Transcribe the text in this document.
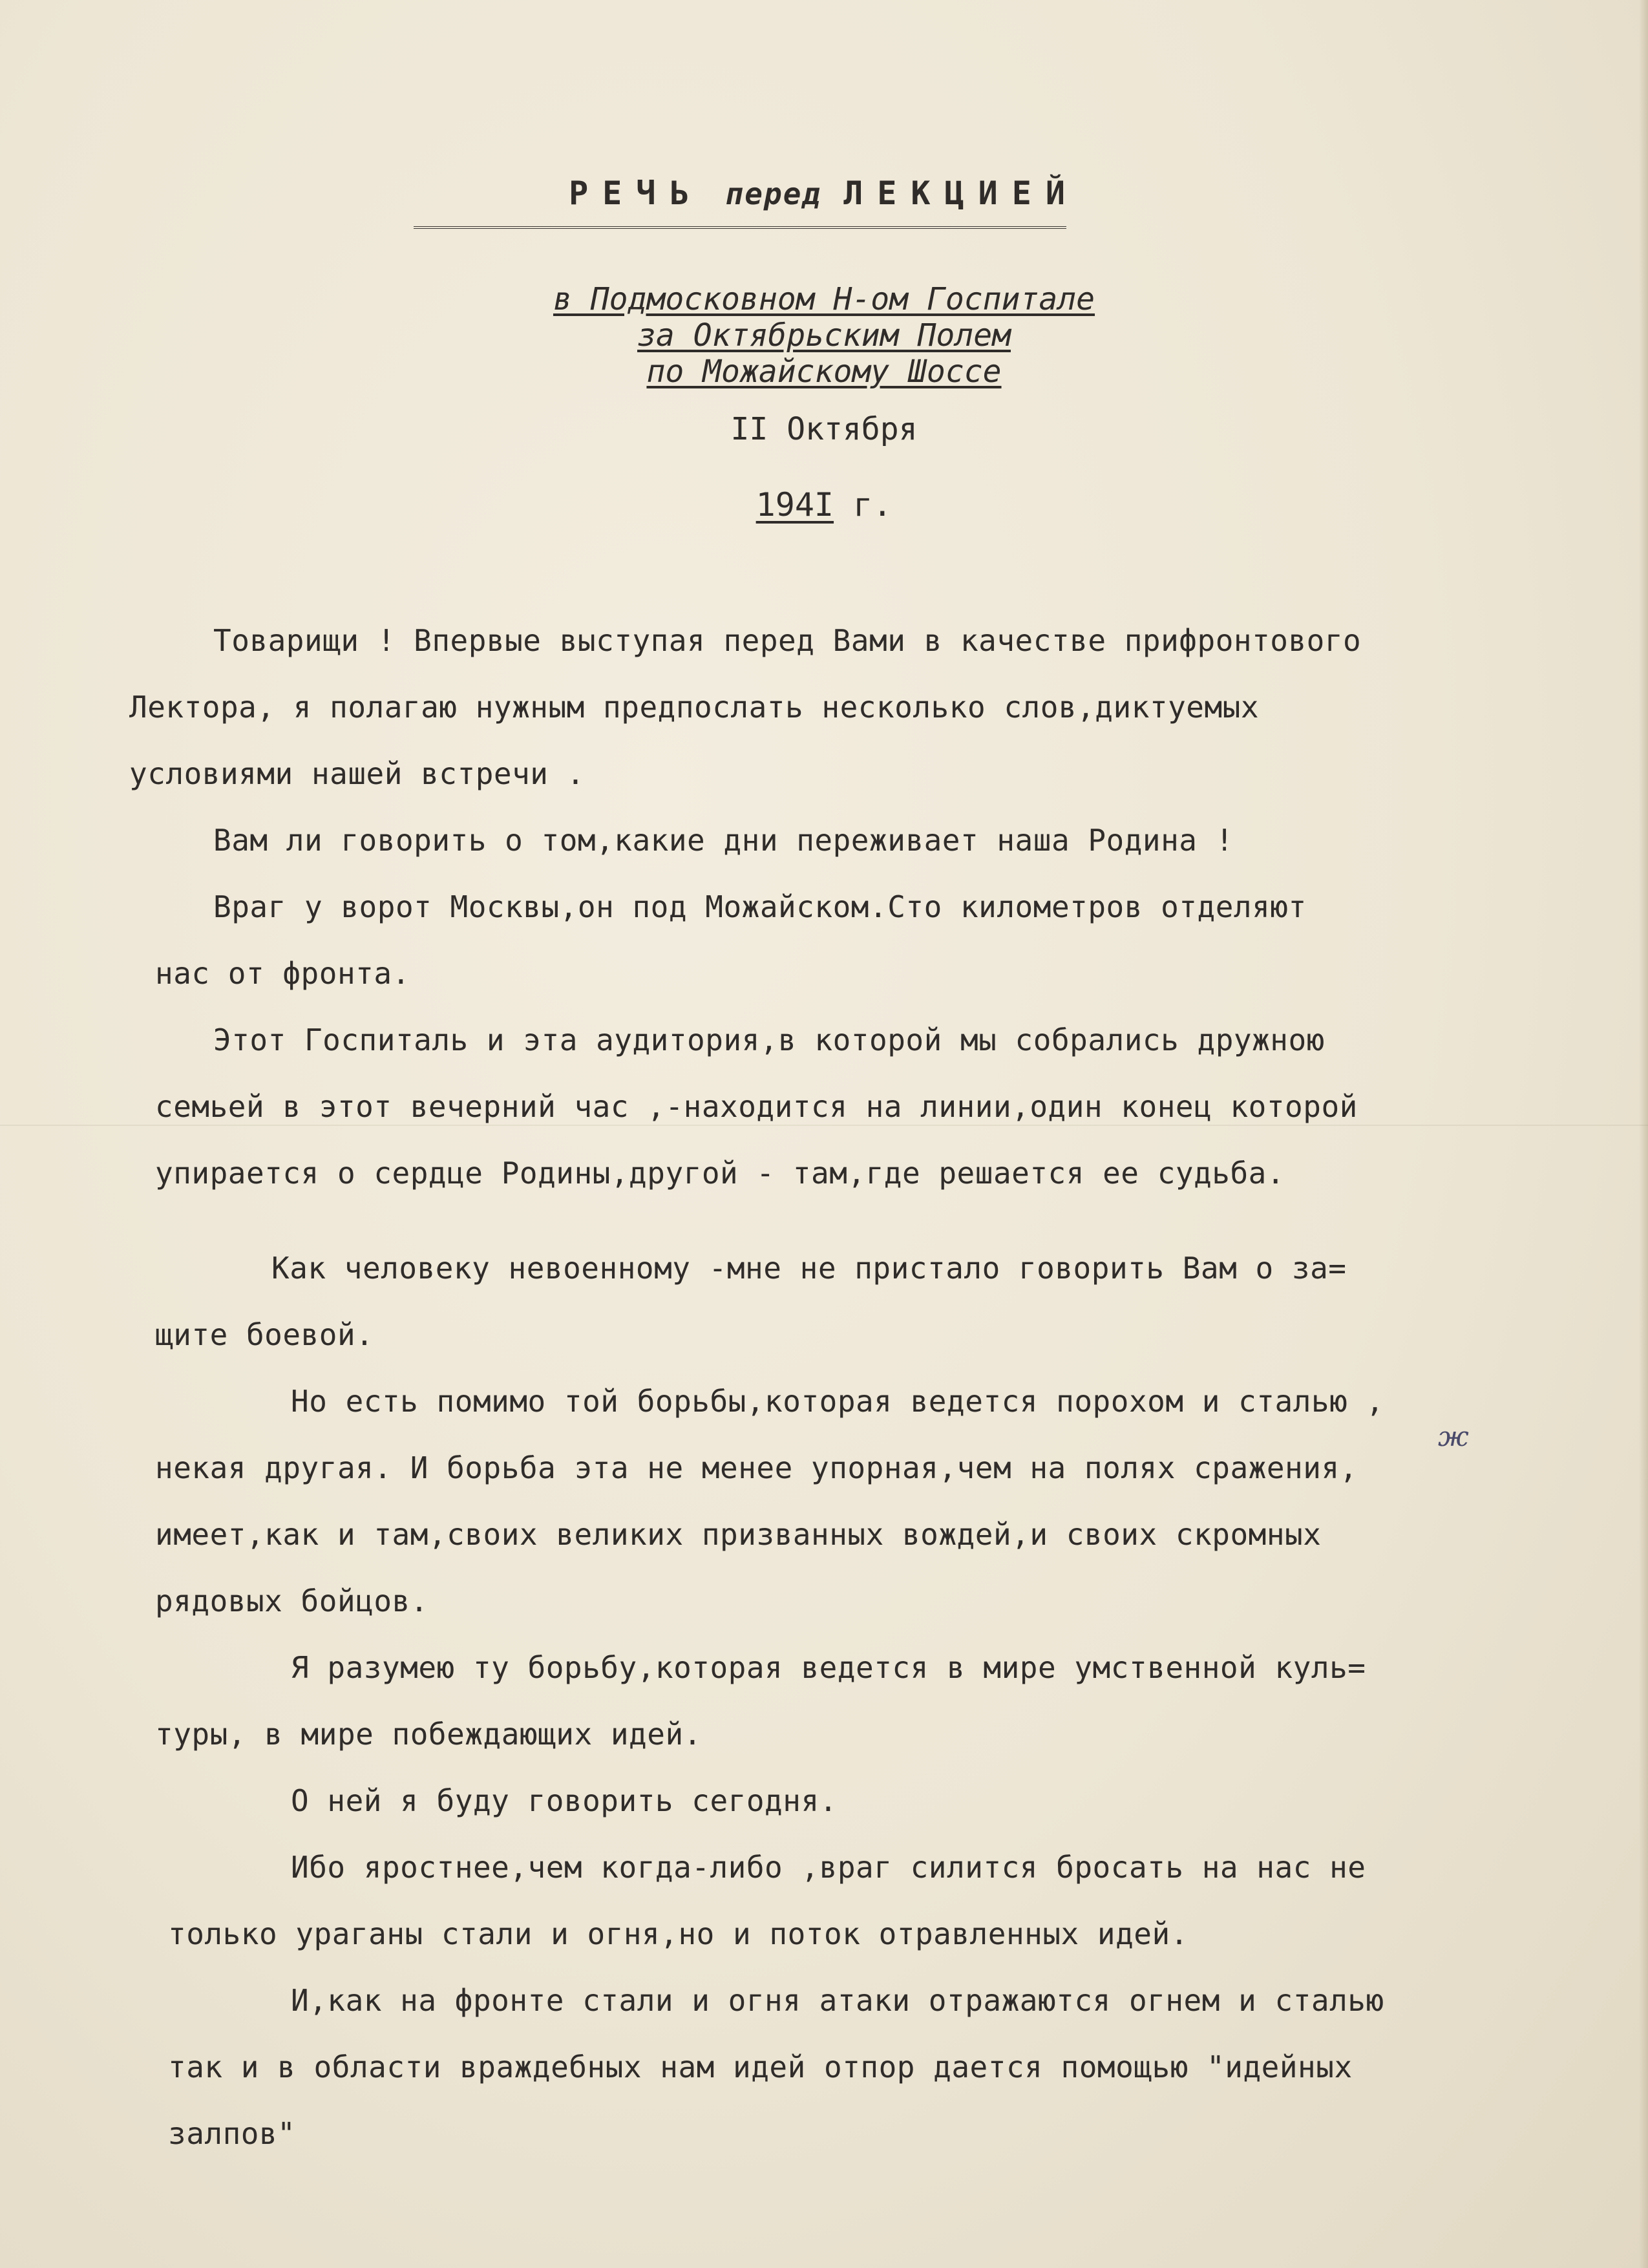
РЕЧЬ перед ЛЕКЦИЕЙ
в Подмосковном Н-ом Госпитале
за Октябрьским Полем
по Можайскому Шоссе
II Октября
194I г.
Товарищи ! Впервые выступая перед Вами в качестве прифронтового
Лектора, я полагаю нужным предпослать несколько слов,диктуемых
условиями нашей встречи .
Вам ли говорить о том,какие дни переживает наша Родина !
Враг у ворот Москвы,он под Можайском.Сто километров отделяют
нас от фронта.
Этот Госпиталь и эта аудитория,в которой мы собрались дружною
семьей в этот вечерний час ,-находится на линии,один конец которой
упирается о сердце Родины,другой - там,где решается ее судьба.
Как человеку невоенному -мне не пристало говорить Вам о за=
щите боевой.
Но есть помимо той борьбы,которая ведется порохом и сталью ,
некая другая. И борьба эта не менее упорная,чем на полях сражения,
имеет,как и там,своих великих призванных вождей,и своих скромных
рядовых бойцов.
Я разумею ту борьбу,которая ведется в мире умственной куль=
туры, в мире побеждающих идей.
О ней я буду говорить сегодня.
Ибо яростнее,чем когда-либо ,враг силится бросать на нас не
только ураганы стали и огня,но и поток отравленных идей.
И,как на фронте стали и огня атаки отражаются огнем и сталью
так и в области враждебных нам идей отпор дается помощью "идейных
залпов"
ж
